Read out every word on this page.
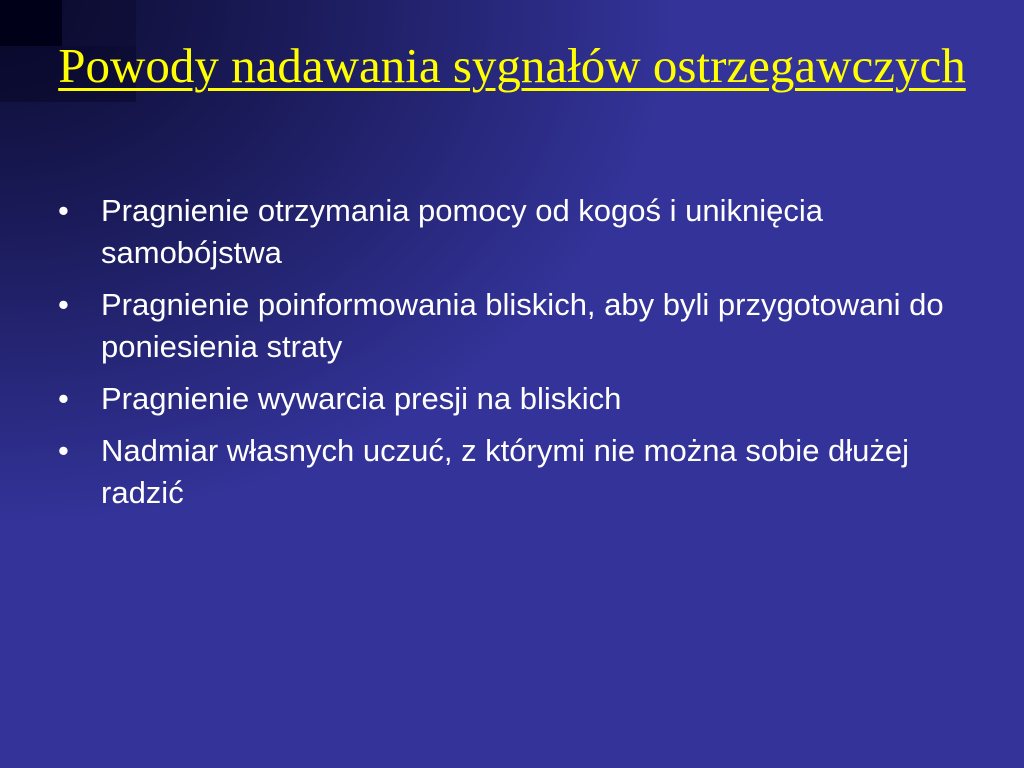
Powody nadawania sygnałów ostrzegawczych
• Pragnienie otrzymania pomocy od kogoś i uniknięcia samobójstwa
• Pragnienie poinformowania bliskich, aby byli przygotowani do poniesienia straty
• Pragnienie wywarcia presji na bliskich
• Nadmiar własnych uczuć, z którymi nie można sobie dłużej radzić
